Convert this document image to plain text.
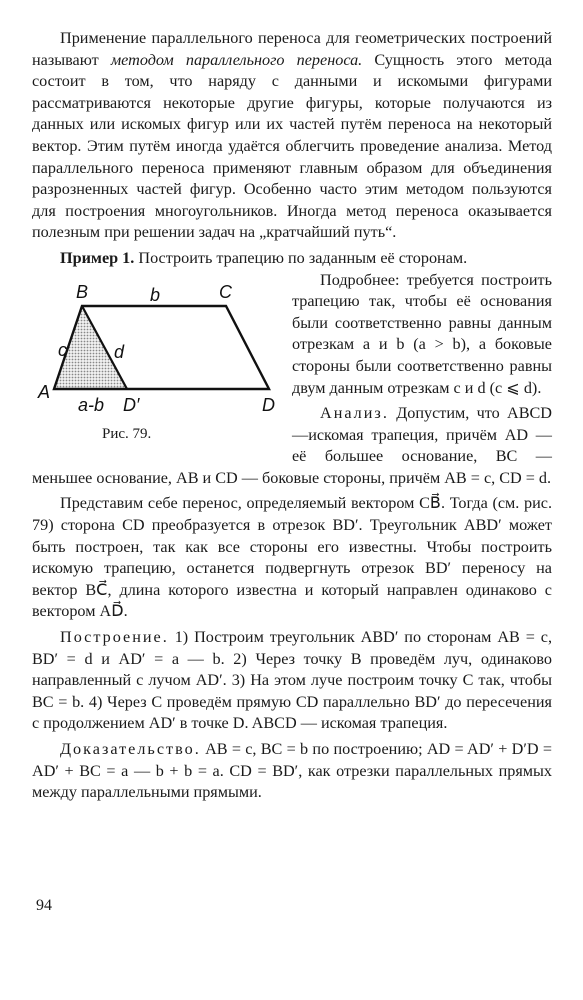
Применение параллельного переноса для геометрических построений называют методом параллельного переноса. Сущность этого метода состоит в том, что наряду с данными и искомыми фигурами рассматриваются некоторые другие фигуры, которые получаются из данных или искомых фигур или их частей путём переноса на некоторый вектор. Этим путём иногда удаётся облегчить проведение анализа. Метод параллельного переноса применяют главным образом для объединения разрозненных частей фигур. Особенно часто этим методом пользуются для построения многоугольников. Иногда метод переноса оказывается полезным при решении задач на „кратчайший путь“.

Пример 1. Построить трапецию по заданным её сторонам.

B	C
A
D
D′
b
c	d
a-b
Рис. 79.

Подробнее: требуется построить трапецию так, чтобы её основания были соответственно равны данным отрезкам a и b (a > b), а боковые стороны были соответственно равны двум данным отрезкам c и d (c ⩽ d).

Анализ. Допустим, что ABCD—искомая трапеция, причём AD — её большее основание, BC — меньшее основание, AB и CD — боковые стороны, причём AB = c, CD = d.

Представим себе перенос, определяемый вектором CB⃗. Тогда (см. рис. 79) сторона CD преобразуется в отрезок BD′. Треугольник ABD′ может быть построен, так как все стороны его известны. Чтобы построить искомую трапецию, останется подвергнуть отрезок BD′ переносу на вектор BC⃗, длина которого известна и который направлен одинаково с вектором AD⃗.

Построение. 1) Построим треугольник ABD′ по сторонам AB = c, BD′ = d и AD′ = a — b. 2) Через точку B проведём луч, одинаково направленный с лучом AD′. 3) На этом луче построим точку C так, чтобы BC = b. 4) Через C проведём прямую CD параллельно BD′ до пересечения с продолжением AD′ в точке D. ABCD — искомая трапеция.

Доказательство. AB = c, BC = b по построению; AD = AD′ + D′D = AD′ + BC = a — b + b = a. CD = BD′, как отрезки параллельных прямых между параллельными прямыми.

94
